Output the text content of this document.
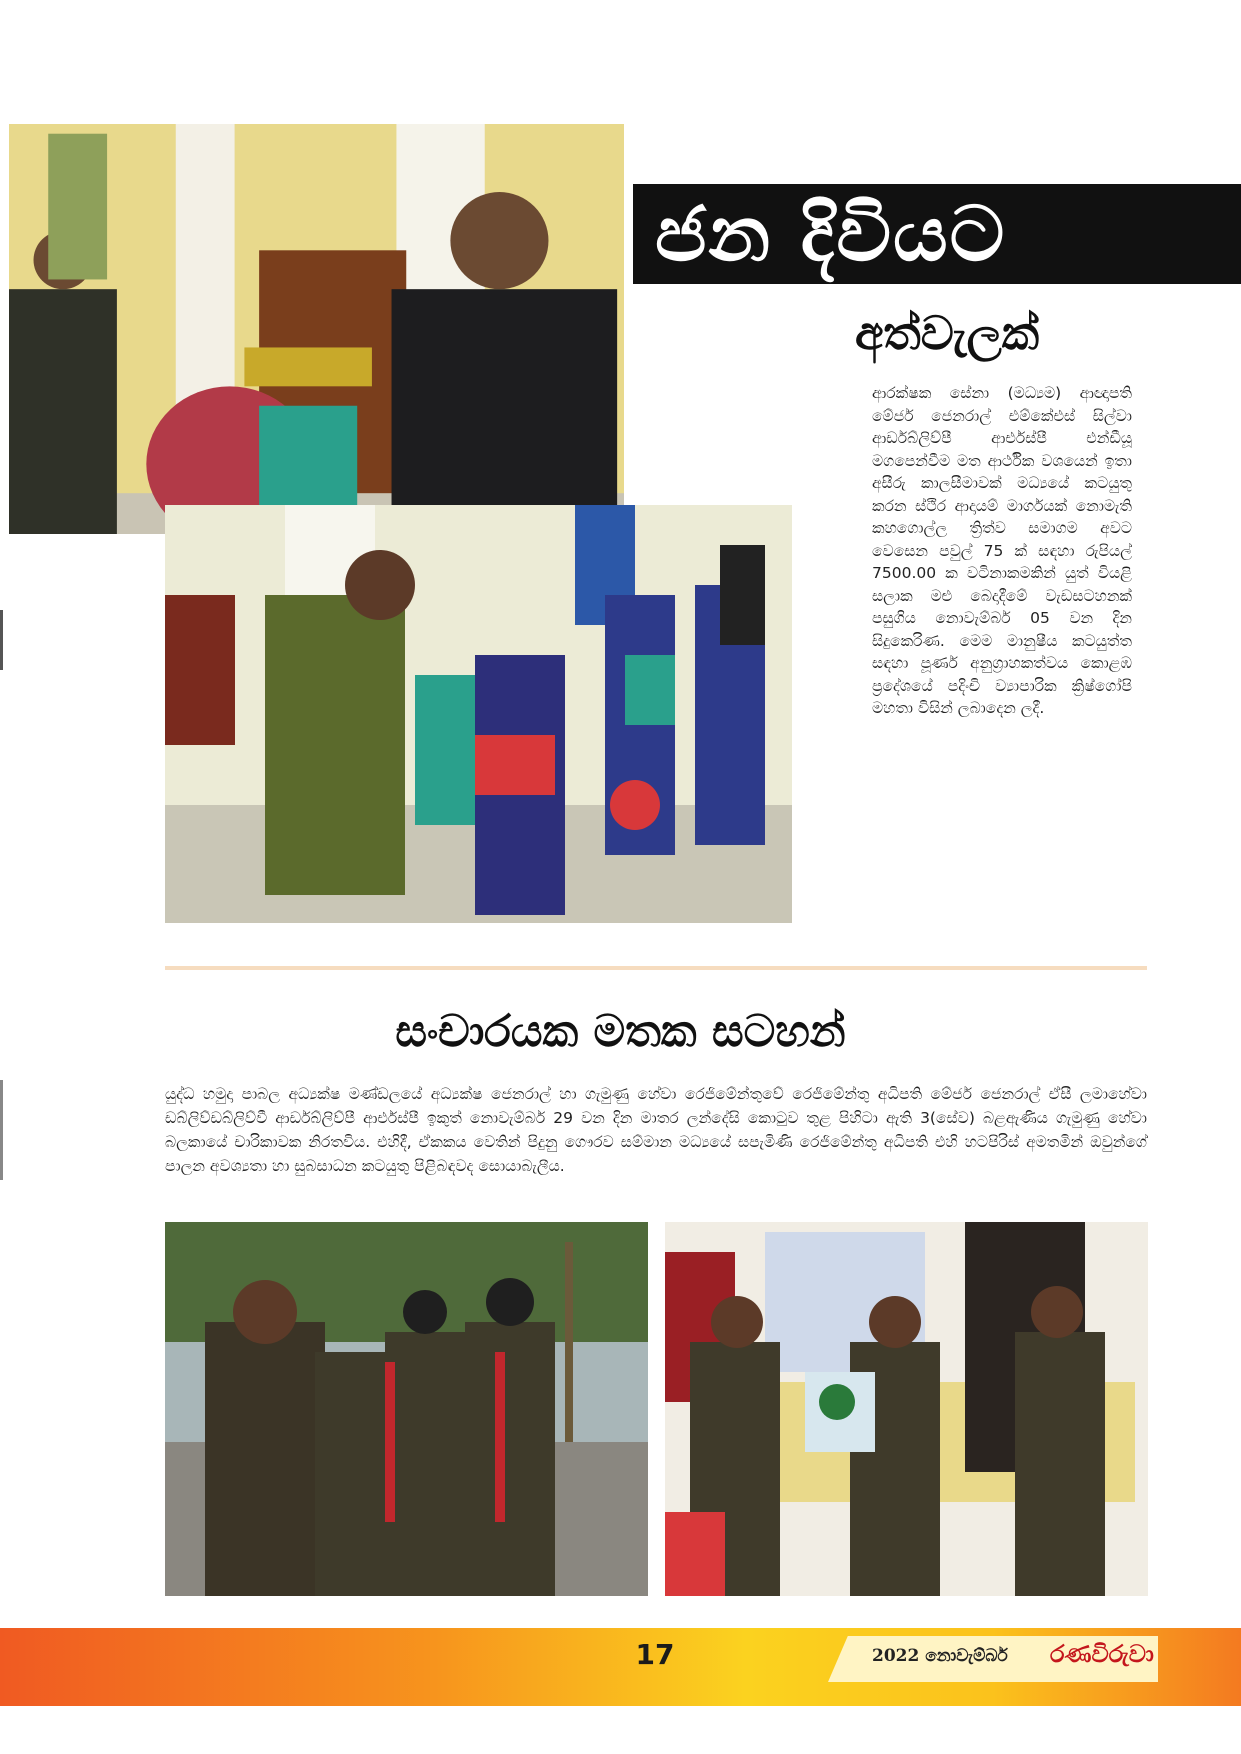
ජන දිවියට
අත්වැලක්
ආරක්ෂක සේනා (මධ්‍යම) ආඥාපති මේජර් ජෙනරාල් එම්කේඑස් සිල්වා ආර්ඩබ්ලිව්පී ආර්එස්පී එන්ඩීයූ මගපෙන්වීම මත ආර්ථික වශයෙන් ඉතා අසීරු කාලසීමාවක් මධ්‍යයේ කටයුතු කරන ස්ථිර ආදායම් මාර්ගයක් නොමැති කහගොල්ල ත්‍රිත්ව සමාගම අවට වෙසෙන පවුල් 75 ක් සඳහා රුපියල් 7500.00 ක වටිනාකමකින් යුත් වියළි සලාක මළු බෙදාදීමේ වැඩසටහනක් පසුගිය නොවැම්බර් 05 වන දින සිදුකෙරිණ. මෙම මානුෂීය කටයුත්ත සඳහා පූර්ණ අනුග්‍රාහකත්වය කොළඹ ප්‍රදේශයේ පදිංචි ව්‍යාපාරික ක්‍රිෂ්ගෝපි මහතා විසින් ලබාදෙන ලදී.
සංචාරයක මතක සටහන්
යුද්ධ හමුදා පාබල අධ්‍යක්ෂ මණ්ඩලයේ අධ්‍යක්ෂ ජෙනරාල් හා ගැමුණු හේවා රෙජිමේන්තුවේ රෙජිමේන්තු අධිපති මේජර් ජෙනරාල් ඒසී ලමාහේවා ඩබ්ලිව්ඩබ්ලිව්වී ආර්ඩබ්ලිව්පී ආර්එස්පී ඉකුත් නොවැම්බර් 29 වන දින මාතර ලන්දේසි කොටුව තුළ පිහිටා ඇති 3(සේව) බළඇණිය ගැමුණු හේවා බලකායේ චාරිකාවක නිරතවිය. එහිදී, ඒකකය වෙතින් පිදුනු ගෞරව සම්මාන මධ්‍යයේ සපැමිණි රෙජිමේන්තු අධිපති එහි හටපිරිස් අමතමින් ඔවුන්ගේ පාලන අවශ්‍යතා හා සුබසාධන කටයුතු පිළිබඳවද සොයාබැලීය.
17	2022 නොවැම්බර් රණවිරුවා
